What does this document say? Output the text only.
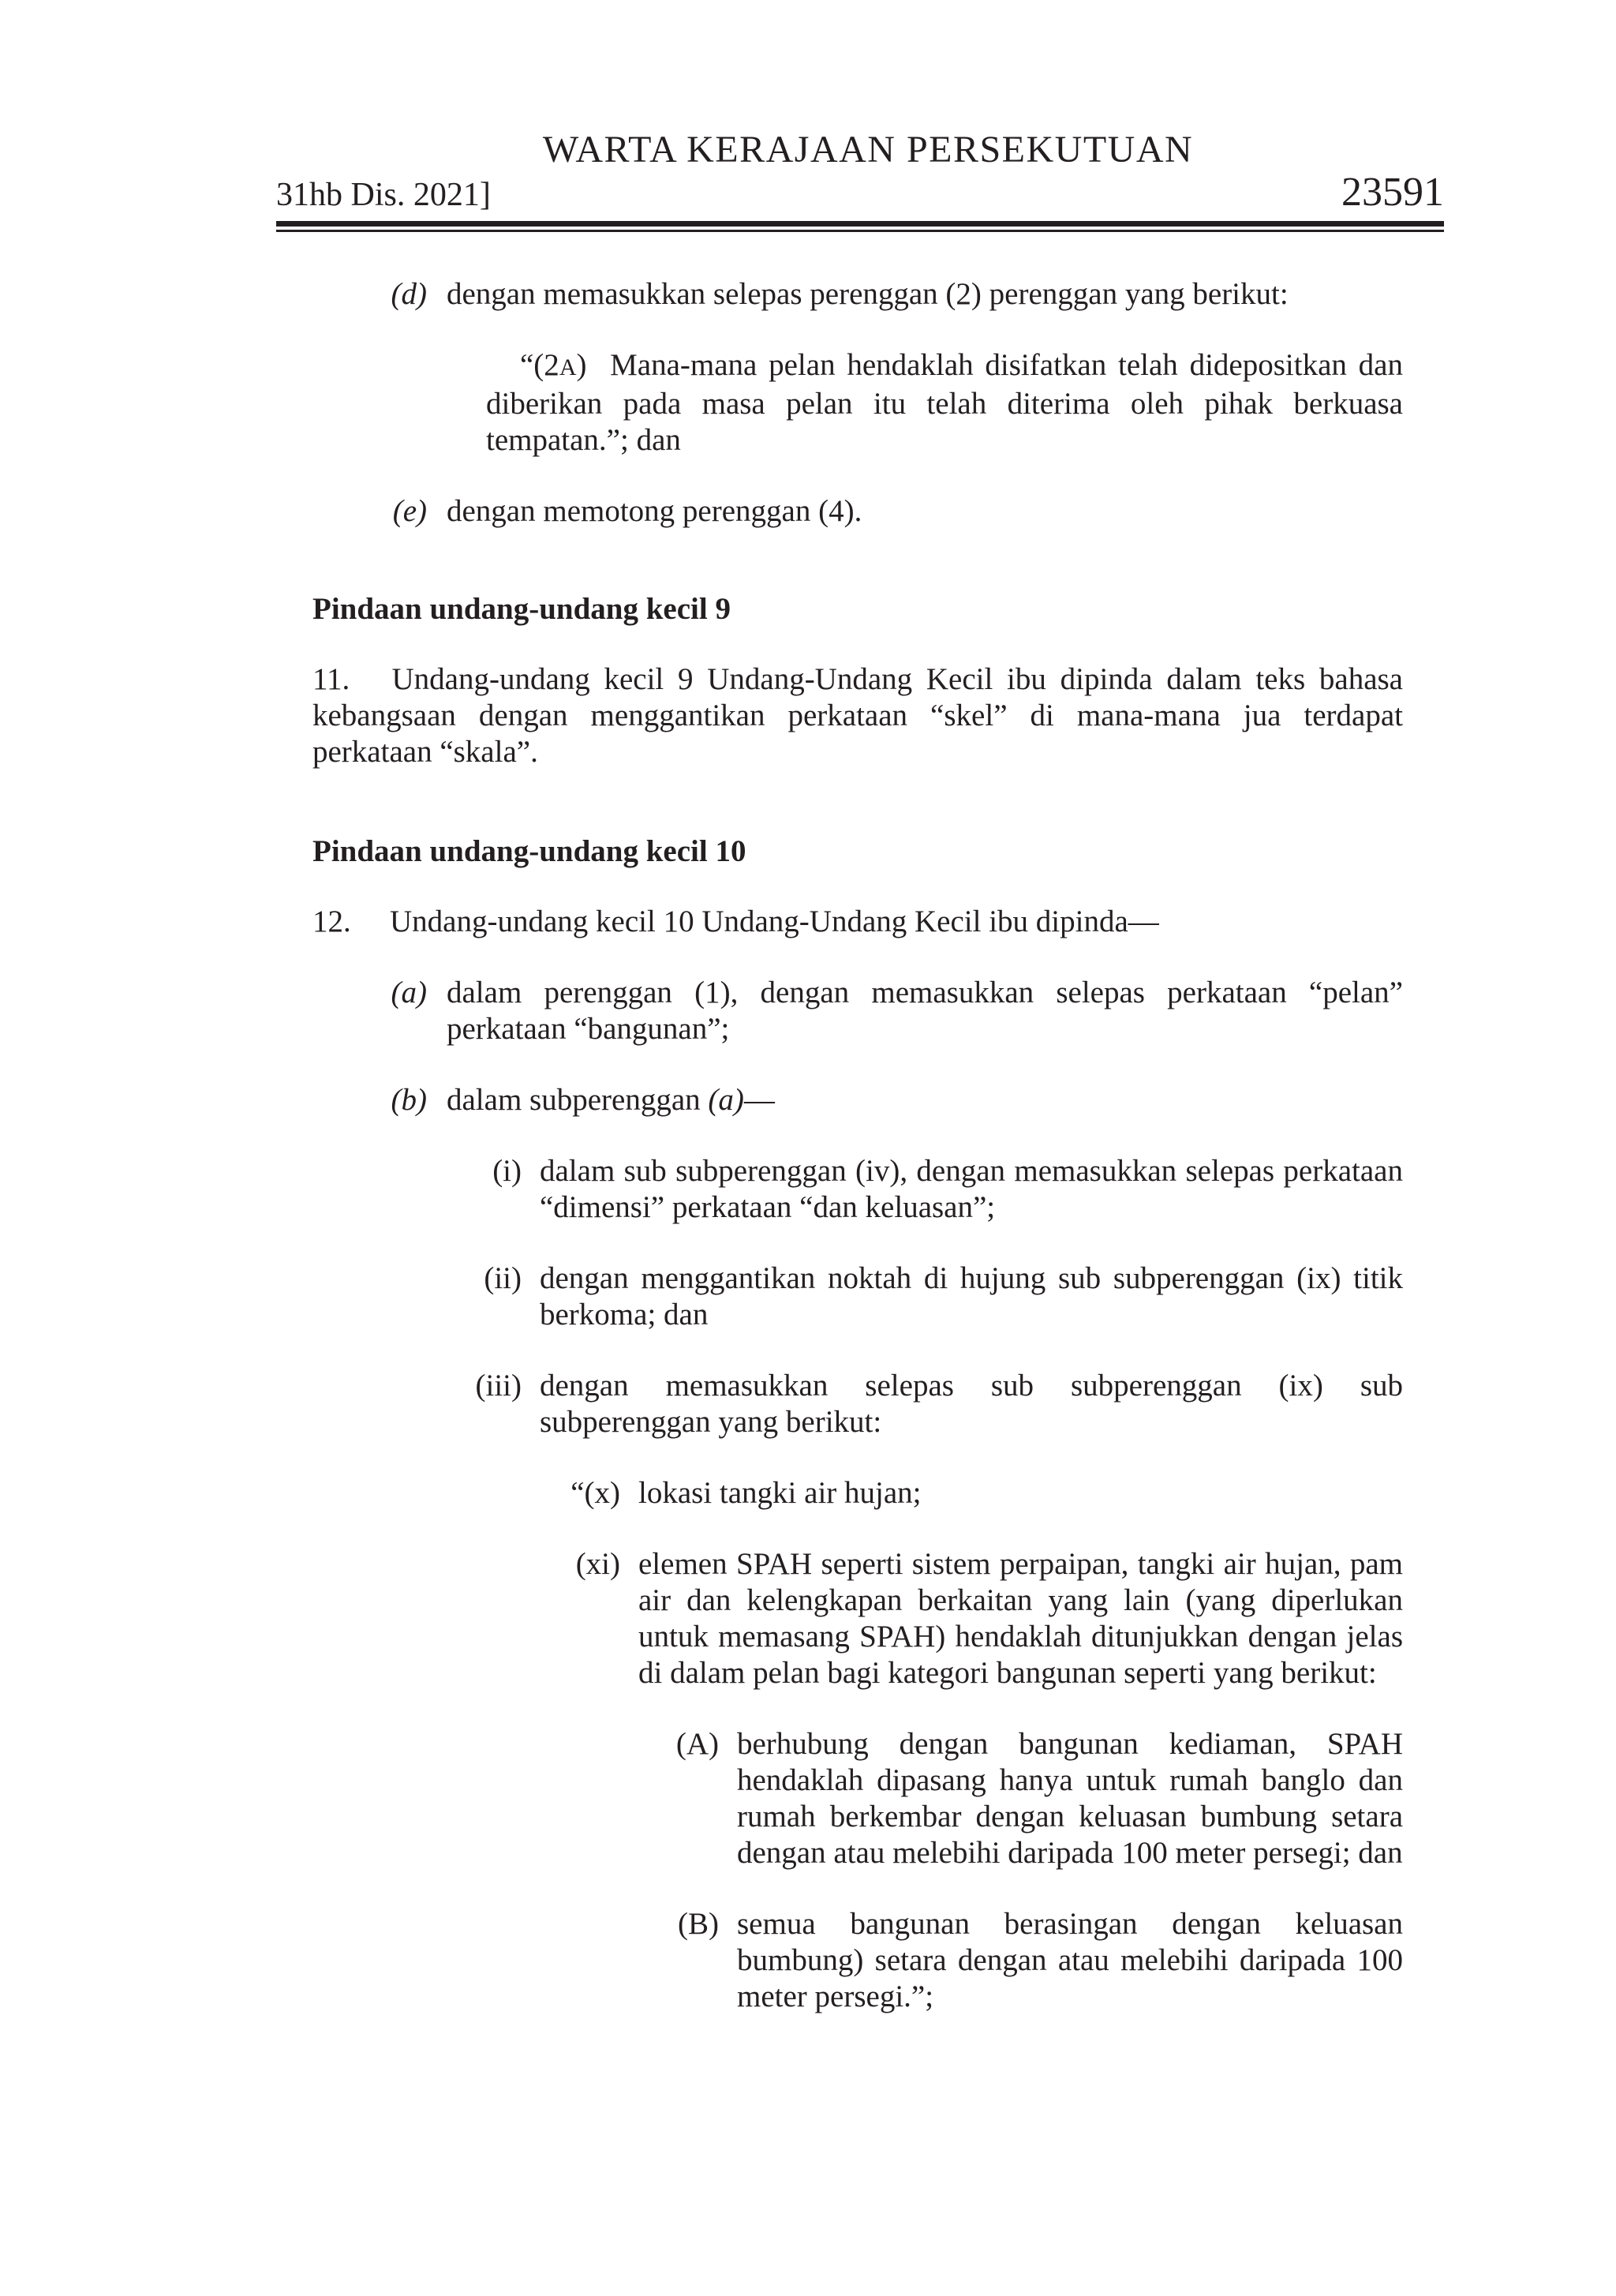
WARTA KERAJAAN PERSEKUTUAN
31hb Dis. 2021]	23591
(d) dengan memasukkan selepas perenggan (2) perenggan yang berikut:
“(2A) Mana-mana pelan hendaklah disifatkan telah didepositkan dan diberikan pada masa pelan itu telah diterima oleh pihak berkuasa tempatan.”; dan
(e) dengan memotong perenggan (4).
Pindaan undang-undang kecil 9
11. Undang-undang kecil 9 Undang-Undang Kecil ibu dipinda dalam teks bahasa kebangsaan dengan menggantikan perkataan “skel” di mana-mana jua terdapat perkataan “skala”.
Pindaan undang-undang kecil 10
12.	Undang-undang kecil 10 Undang-Undang Kecil ibu dipinda—
(a) dalam perenggan (1), dengan memasukkan selepas perkataan “pelan” perkataan “bangunan”;
(b) dalam subperenggan (a)—
(i) dalam sub subperenggan (iv), dengan memasukkan selepas perkataan “dimensi” perkataan “dan keluasan”;
(ii) dengan menggantikan noktah di hujung sub subperenggan (ix) titik berkoma; dan
(iii) dengan memasukkan selepas sub subperenggan (ix) sub subperenggan yang berikut:
“(x) lokasi tangki air hujan;
(xi) elemen SPAH seperti sistem perpaipan, tangki air hujan, pam air dan kelengkapan berkaitan yang lain (yang diperlukan untuk memasang SPAH) hendaklah ditunjukkan dengan jelas di dalam pelan bagi kategori bangunan seperti yang berikut:
(A) berhubung dengan bangunan kediaman, SPAH hendaklah dipasang hanya untuk rumah banglo dan rumah berkembar dengan keluasan bumbung setara dengan atau melebihi daripada 100 meter persegi; dan
(B) semua bangunan berasingan dengan keluasan bumbung) setara dengan atau melebihi daripada 100 meter persegi.”;
